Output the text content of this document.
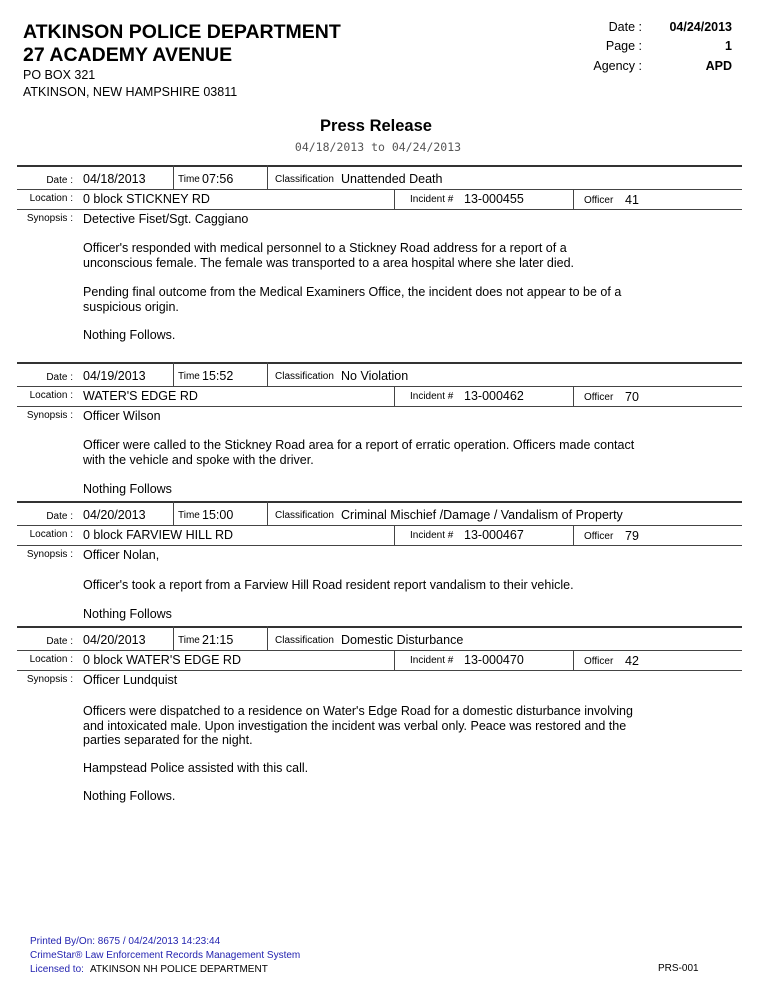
ATKINSON POLICE DEPARTMENT
27 ACADEMY AVENUE
PO BOX 321
ATKINSON, NEW HAMPSHIRE 03811
Date :	04/24/2013
Page :	1
Agency :	APD
Press Release
04/18/2013 to 04/24/2013
Date : 04/18/2013	Time 07:56	Classification Unattended Death
Location : 0 block STICKNEY RD	Incident # 13-000455	Officer 41
Synopsis : Detective Fiset/Sgt. Caggiano
Officer's responded with medical personnel to a Stickney Road address for a report of a
unconscious female. The female was transported to a area hospital where she later died.
Pending final outcome from the Medical Examiners Office, the incident does not appear to be of a
suspicious origin.
Nothing Follows.
Date : 04/19/2013	Time 15:52	Classification No Violation
Location : WATER'S EDGE RD	Incident # 13-000462	Officer 70
Synopsis : Officer Wilson
Officer were called to the Stickney Road area for a report of erratic operation. Officers made contact
with the vehicle and spoke with the driver.
Nothing Follows
Date : 04/20/2013	Time 15:00	Classification Criminal Mischief /Damage / Vandalism of Property
Location : 0 block FARVIEW HILL RD	Incident # 13-000467	Officer 79
Synopsis : Officer Nolan,
Officer's took a report from a Farview Hill Road resident report vandalism to their vehicle.
Nothing Follows
Date : 04/20/2013	Time 21:15	Classification Domestic Disturbance
Location : 0 block WATER'S EDGE RD	Incident # 13-000470	Officer 42
Synopsis : Officer Lundquist
Officers were dispatched to a residence on Water's Edge Road for a domestic disturbance involving
and intoxicated male. Upon investigation the incident was verbal only. Peace was restored and the
parties separated for the night.
Hampstead Police assisted with this call.
Nothing Follows.
Printed By/On: 8675 / 04/24/2013 14:23:44
CrimeStar® Law Enforcement Records Management System
Licensed to: ATKINSON NH POLICE DEPARTMENT	PRS-001
